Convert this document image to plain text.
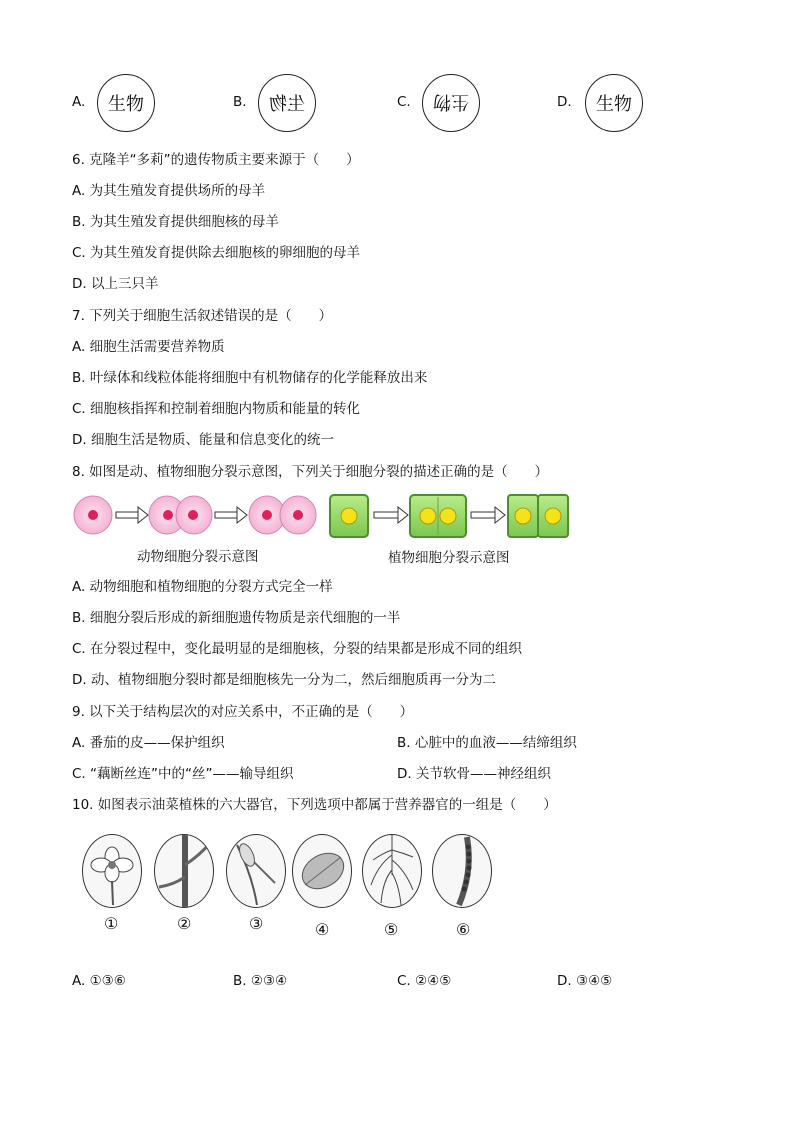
A. 生物	B. 生物	C. 生物	D. 生物
6. 克隆羊“多莉”的遗传物质主要来源于（　　）
A. 为其生殖发育提供场所的母羊
B. 为其生殖发育提供细胞核的母羊
C. 为其生殖发育提供除去细胞核的卵细胞的母羊
D. 以上三只羊
7. 下列关于细胞生活叙述错误的是（　　）
A. 细胞生活需要营养物质
B. 叶绿体和线粒体能将细胞中有机物储存的化学能释放出来
C. 细胞核指挥和控制着细胞内物质和能量的转化
D. 细胞生活是物质、能量和信息变化的统一
8. 如图是动、植物细胞分裂示意图，下列关于细胞分裂的描述正确的是（　　）
动物细胞分裂示意图	植物细胞分裂示意图
A. 动物细胞和植物细胞的分裂方式完全一样
B. 细胞分裂后形成的新细胞遗传物质是亲代细胞的一半
C. 在分裂过程中，变化最明显的是细胞核，分裂的结果都是形成不同的组织
D. 动、植物细胞分裂时都是细胞核先一分为二，然后细胞质再一分为二
9. 以下关于结构层次的对应关系中，不正确的是（　　）
A. 番茄的皮——保护组织	B. 心脏中的血液——结缔组织
C. “藕断丝连”中的“丝”——输导组织	D. 关节软骨——神经组织
10. 如图表示油菜植株的六大器官，下列选项中都属于营养器官的一组是（　　）
①	②	③	④	⑤	⑥
A. ①③⑥	B. ②③④	C. ②④⑤	D. ③④⑤
